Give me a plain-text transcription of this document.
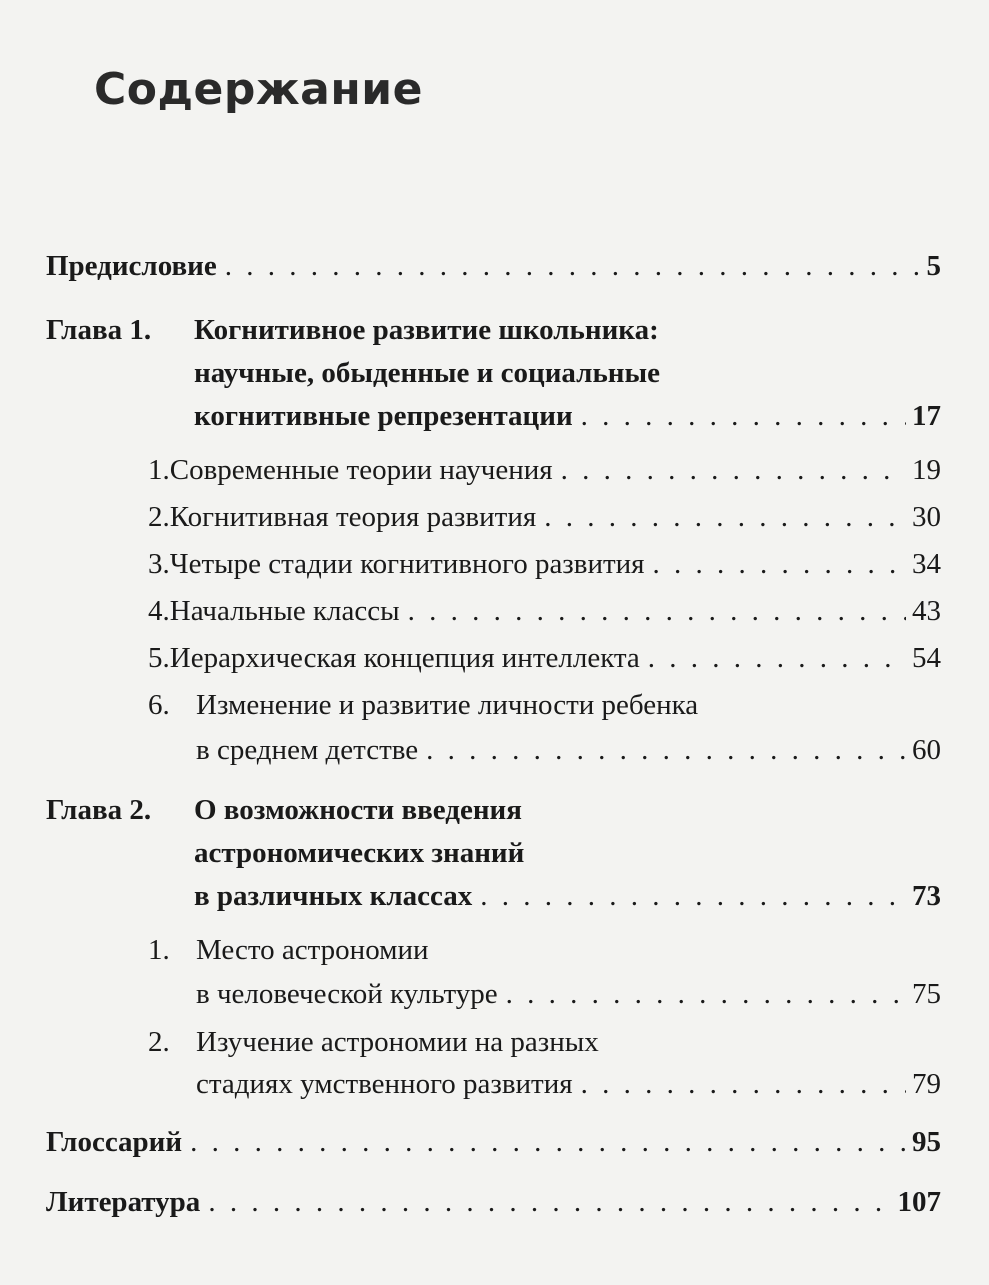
Содержание
Предисловие . . .	5
Глава 1.	Когнитивное развитие школьника:
научные, обыденные и социальные
когнитивные репрезентации . . .	17
1. Современные теории научения . . .	19
2. Когнитивная теория развития . . .	30
3. Четыре стадии когнитивного развития . . .	34
4. Начальные классы . . .	43
5. Иерархическая концепция интеллекта . . .	54
6. Изменение и развитие личности ребенка
в среднем детстве . . .	60
Глава 2.	О возможности введения
астрономических знаний
в различных классах . . .	73
1. Место астрономии
в человеческой культуре . . .	75
2. Изучение астрономии на разных
стадиях умственного развития . . .	79
Глоссарий . . .	95
Литература . . .	107
